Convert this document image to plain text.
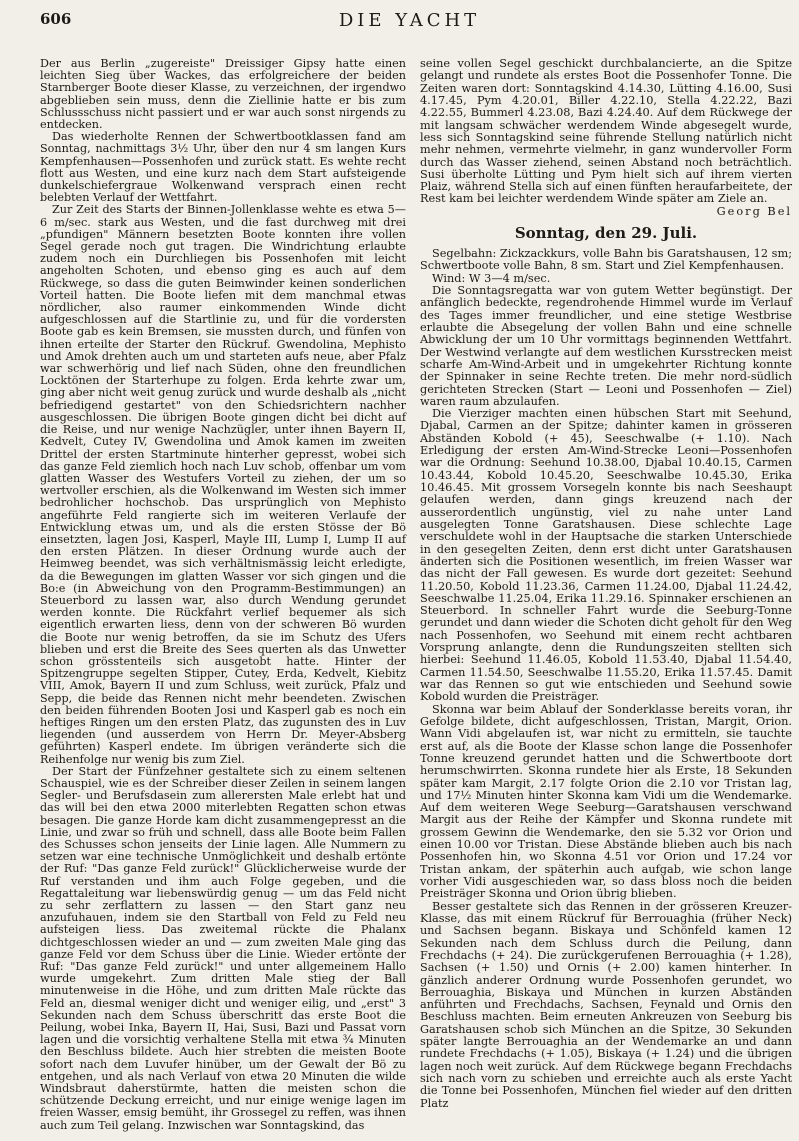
606	DIE YACHT

Der aus Berlin „zugereiste" Dreissiger Gipsy hatte einen leichten Sieg über Wackes, das erfolgreichere der beiden Starnberger Boote dieser Klasse, zu verzeichnen, der irgendwo abgeblieben sein muss, denn die Ziellinie hatte er bis zum Schlussschuss nicht passiert und er war auch sonst nirgends zu entdecken.

Das wiederholte Rennen der Schwertbootklassen fand am Sonntag, nachmittags 3½ Uhr, über den nur 4 sm langen Kurs Kempfenhausen—Possenhofen und zurück statt. Es wehte recht flott aus Westen, und eine kurz nach dem Start aufsteigende dunkelschiefergraue Wolkenwand versprach einen recht belebten Verlauf der Wettfahrt.

Zur Zeit des Starts der Binnen-Jollenklasse wehte es etwa 5—6 m/sec. stark aus Westen, und die fast durchweg mit drei „pfundigen" Männern besetzten Boote konnten ihre vollen Segel gerade noch gut tragen. Die Windrichtung erlaubte zudem noch ein Durchliegen bis Possenhofen mit leicht angeholten Schoten, und ebenso ging es auch auf dem Rückwege, so dass die guten Beimwinder keinen sonderlichen Vorteil hatten. Die Boote liefen mit dem manchmal etwas nördlicher, also raumer einkommenden Winde dicht aufgeschlossen auf die Startlinie zu, und für die vordersten Boote gab es kein Bremsen, sie mussten durch, und fünfen von ihnen erteilte der Starter den Rückruf. Gwendolina, Mephisto und Amok drehten auch um und starteten aufs neue, aber Pfalz war schwerhörig und lief nach Süden, ohne den freundlichen Locktönen der Starterhupe zu folgen. Erda kehrte zwar um, ging aber nicht weit genug zurück und wurde deshalb als „nicht befriedigend gestartet" von den Schiedsrichtern nachher ausgeschlossen. Die übrigen Boote gingen dicht bei dicht auf die Reise, und nur wenige Nachzügler, unter ihnen Bayern II, Kedvelt, Cutey IV, Gwendolina und Amok kamen im zweiten Drittel der ersten Startminute hinterher gepresst, wobei sich das ganze Feld ziemlich hoch nach Luv schob, offenbar um vom glatten Wasser des Westufers Vorteil zu ziehen, der um so wertvoller erschien, als die Wolkenwand im Westen sich immer bedrohlicher hochschob. Das ursprünglich von Mephisto angeführte Feld rangierte sich im weiteren Verlaufe der Entwicklung etwas um, und als die ersten Stösse der Bö einsetzten, lagen Josi, Kasperl, Mayle III, Lump I, Lump II auf den ersten Plätzen. In dieser Ordnung wurde auch der Heimweg beendet, was sich verhältnismässig leicht erledigte, da die Bewegungen im glatten Wasser vor sich gingen und die Bo:e (in Abweichung von den Programm-Bestimmungen) an Steuerbord zu lassen war, also durch Wendung gerundet werden konnte. Die Rückfahrt verlief bequemer als sich eigentlich erwarten liess, denn von der schweren Bö wurden die Boote nur wenig betroffen, da sie im Schutz des Ufers blieben und erst die Breite des Sees querten als das Unwetter schon grösstenteils sich ausgetobt hatte. Hinter der Spitzengruppe segelten Stipper, Cutey, Erda, Kedvelt, Kiebitz VIII, Amok, Bayern II und zum Schluss, weit zurück, Pfalz und Sepp, die beide das Rennen nicht mehr beendeten. Zwischen den beiden führenden Booten Josi und Kasperl gab es noch ein heftiges Ringen um den ersten Platz, das zugunsten des in Luv liegenden (und ausserdem von Herrn Dr. Meyer-Absberg geführten) Kasperl endete. Im übrigen veränderte sich die Reihenfolge nur wenig bis zum Ziel.

Der Start der Fünfzehner gestaltete sich zu einem seltenen Schauspiel, wie es der Schreiber dieser Zeilen in seinem langen Segler- und Berufsdasein zum allerersten Male erlebt hat und das will bei den etwa 2000 miterlebten Regatten schon etwas besagen. Die ganze Horde kam dicht zusammengepresst an die Linie, und zwar so früh und schnell, dass alle Boote beim Fallen des Schusses schon jenseits der Linie lagen. Alle Nummern zu setzen war eine technische Unmöglichkeit und deshalb ertönte der Ruf: "Das ganze Feld zurück!" Glücklicherweise wurde der Ruf verstanden und ihm auch Folge gegeben, und die Regattaleitung war liebenswürdig genug — um das Feld nicht zu sehr zerflattern zu lassen — den Start ganz neu anzufuhauen, indem sie den Startball von Feld zu Feld neu aufsteigen liess. Das zweitemal rückte die Phalanx dichtgeschlossen wieder an und — zum zweiten Male ging das ganze Feld vor dem Schuss über die Linie. Wieder ertönte der Ruf: "Das ganze Feld zurück!" und unter allgemeinem Hallo wurde umgekehrt. Zum dritten Male stieg der Ball minutenweise in die Höhe, und zum dritten Male rückte das Feld an, diesmal weniger dicht und weniger eilig, und „erst" 3 Sekunden nach dem Schuss überschritt das erste Boot die Peilung, wobei Inka, Bayern II, Hai, Susi, Bazi und Passat vorn lagen und die vorsichtig verhaltene Stella mit etwa ¾ Minuten den Beschluss bildete. Auch hier strebten die meisten Boote sofort nach dem Luvufer hinüber, um der Gewalt der Bö zu entgehen, und als nach Verlauf von etwa 20 Minuten die wilde Windsbraut daherstürmte, hatten die meisten schon die schützende Deckung erreicht, und nur einige wenige lagen im freien Wasser, emsig bemüht, ihr Grossegel zu reffen, was ihnen auch zum Teil gelang. Inzwischen war Sonntagskind, das

seine vollen Segel geschickt durchbalancierte, an die Spitze gelangt und rundete als erstes Boot die Possenhofer Tonne. Die Zeiten waren dort: Sonntagskind 4.14.30, Lütting 4.16.00, Susi 4.17.45, Pym 4.20.01, Biller 4.22.10, Stella 4.22.22, Bazi 4.22.55, Bummerl 4.23.08, Bazi 4.24.40. Auf dem Rückwege der mit langsam schwächer werdendem Winde abgesegelt wurde, less sich Sonntagskind seine führende Stellung natürlich nicht mehr nehmen, vermehrte vielmehr, in ganz wundervoller Form durch das Wasser ziehend, seinen Abstand noch beträchtlich. Susi überholte Lütting und Pym hielt sich auf ihrem vierten Plaiz, während Stella sich auf einen fünften heraufarbeitete, der Rest kam bei leichter werdendem Winde später am Ziele an.

Georg Bel
Sonntag, den 29. Juli.

Segelbahn: Zickzackkurs, volle Bahn bis Garatshausen, 12 sm; Schwertboote volle Bahn, 8 sm. Start und Ziel Kempfenhausen.

Wind: W 3—4 m/sec.

Die Sonntagsregatta war von gutem Wetter begünstigt. Der anfänglich bedeckte, regendrohende Himmel wurde im Verlauf des Tages immer freundlicher, und eine stetige Westbrise erlaubte die Absegelung der vollen Bahn und eine schnelle Abwicklung der um 10 Uhr vormittags beginnenden Wettfahrt. Der Westwind verlangte auf dem westlichen Kursstrecken meist scharfe Am-Wind-Arbeit und in umgekehrter Richtung konnte der Spinnaker in seine Rechte treten. Die mehr nord-südlich gerichteten Strecken (Start — Leoni und Possenhofen — Ziel) waren raum abzulaufen.

Die Vierziger machten einen hübschen Start mit Seehund, Djabal, Carmen an der Spitze; dahinter kamen in grösseren Abständen Kobold (+ 45), Seeschwalbe (+ 1.10). Nach Erledigung der ersten Am-Wind-Strecke Leoni—Possenhofen war die Ordnung: Seehund 10.38.00, Djabal 10.40.15, Carmen 10.43.44, Kobold 10.45.20, Seeschwalbe 10.45.30, Erika 10.46.45. Mit grossem Vorsegeln konnte bis nach Seeshaupt gelaufen werden, dann gings kreuzend nach der ausserordentlich ungünstig, viel zu nahe unter Land ausgelegten Tonne Garatshausen. Diese schlechte Lage verschuldete wohl in der Hauptsache die starken Unterschiede in den gesegelten Zeiten, denn erst dicht unter Garatshausen änderten sich die Positionen wesentlich, im freien Wasser war das nicht der Fall gewesen. Es wurde dort gezeitet: Seehund 11.20.50, Kobold 11.23.36, Carmen 11.24.00, Djabal 11.24.42, Seeschwalbe 11.25.04, Erika 11.29.16. Spinnaker erschienen an Steuerbord. In schneller Fahrt wurde die Seeburg-Tonne gerundet und dann wieder die Schoten dicht geholt für den Weg nach Possenhofen, wo Seehund mit einem recht achtbaren Vorsprung anlangte, denn die Rundungszeiten stellten sich hierbei: Seehund 11.46.05, Kobold 11.53.40, Djabal 11.54.40, Carmen 11.54.50, Seeschwalbe 11.55.20, Erika 11.57.45. Damit war das Rennen so gut wie entschieden und Seehund sowie Kobold wurden die Preisträger.

Skonna war beim Ablauf der Sonderklasse bereits voran, ihr Gefolge bildete, dicht aufgeschlossen, Tristan, Margit, Orion. Wann Vidi abgelaufen ist, war nicht zu ermitteln, sie tauchte erst auf, als die Boote der Klasse schon lange die Possenhofer Tonne kreuzend gerundet hatten und die Schwertboote dort herumschwirrten. Skonna rundete hier als Erste, 18 Sekunden später kam Margit, 2.17 folgte Orion die 2.10 vor Tristan lag, und 17½ Minuten hinter Skonna kam Vidi um die Wendemarke. Auf dem weiteren Wege Seeburg—Garatshausen verschwand Margit aus der Reihe der Kämpfer und Skonna rundete mit grossem Gewinn die Wendemarke, den sie 5.32 vor Orion und einen 10.00 vor Tristan. Diese Abstände blieben auch bis nach Possenhofen hin, wo Skonna 4.51 vor Orion und 17.24 vor Tristan ankam, der späterhin auch aufgab, wie schon lange vorher Vidi ausgeschieden war, so dass bloss noch die beiden Preisträger Skonna und Orion übrig blieben.

Besser gestaltete sich das Rennen in der grösseren Kreuzer-Klasse, das mit einem Rückruf für Berrouaghia (früher Neck) und Sachsen begann. Biskaya und Schönfeld kamen 12 Sekunden nach dem Schluss durch die Peilung, dann Frechdachs (+ 24). Die zurückgerufenen Berrouaghia (+ 1.28), Sachsen (+ 1.50) und Ornis (+ 2.00) kamen hinterher. In gänzlich anderer Ordnung wurde Possenhofen gerundet, wo Berrouaghia, Biskaya und München in kurzen Abständen anführten und Frechdachs, Sachsen, Feynald und Ornis den Beschluss machten. Beim erneuten Ankreuzen von Seeburg bis Garatshausen schob sich München an die Spitze, 30 Sekunden später langte Berrouaghia an der Wendemarke an und dann rundete Frechdachs (+ 1.05), Biskaya (+ 1.24) und die übrigen lagen noch weit zurück. Auf dem Rückwege begann Frechdachs sich nach vorn zu schieben und erreichte auch als erste Yacht die Tonne bei Possenhofen, München fiel wieder auf den dritten Platz
